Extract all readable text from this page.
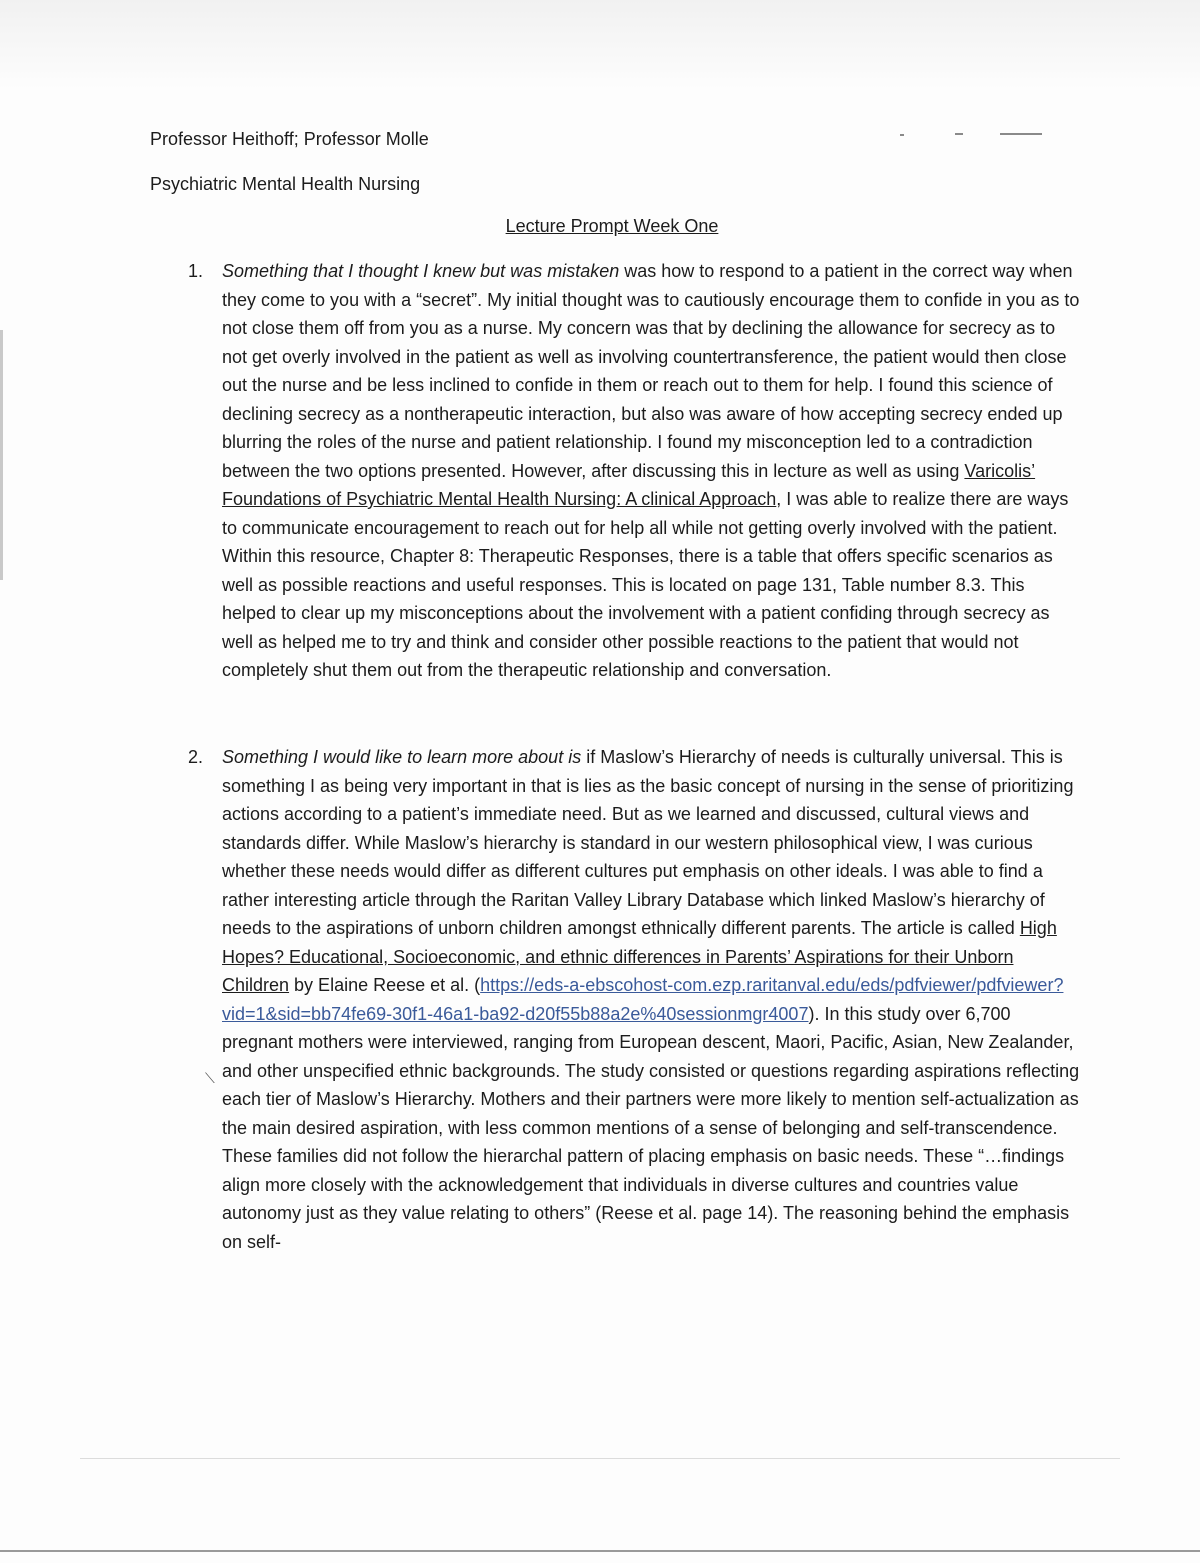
Professor Heithoff; Professor Molle
Psychiatric Mental Health Nursing
Lecture Prompt Week One
1. Something that I thought I knew but was mistaken was how to respond to a patient in the correct way when they come to you with a “secret”. My initial thought was to cautiously encourage them to confide in you as to not close them off from you as a nurse. My concern was that by declining the allowance for secrecy as to not get overly involved in the patient as well as involving countertransference, the patient would then close out the nurse and be less inclined to confide in them or reach out to them for help. I found this science of declining secrecy as a nontherapeutic interaction, but also was aware of how accepting secrecy ended up blurring the roles of the nurse and patient relationship. I found my misconception led to a contradiction between the two options presented. However, after discussing this in lecture as well as using Varicolis’ Foundations of Psychiatric Mental Health Nursing: A clinical Approach, I was able to realize there are ways to communicate encouragement to reach out for help all while not getting overly involved with the patient. Within this resource, Chapter 8: Therapeutic Responses, there is a table that offers specific scenarios as well as possible reactions and useful responses. This is located on page 131, Table number 8.3. This helped to clear up my misconceptions about the involvement with a patient confiding through secrecy as well as helped me to try and think and consider other possible reactions to the patient that would not completely shut them out from the therapeutic relationship and conversation.

2. Something I would like to learn more about is if Maslow’s Hierarchy of needs is culturally universal. This is something I as being very important in that is lies as the basic concept of nursing in the sense of prioritizing actions according to a patient’s immediate need. But as we learned and discussed, cultural views and standards differ. While Maslow’s hierarchy is standard in our western philosophical view, I was curious whether these needs would differ as different cultures put emphasis on other ideals. I was able to find a rather interesting article through the Raritan Valley Library Database which linked Maslow’s hierarchy of needs to the aspirations of unborn children amongst ethnically different parents. The article is called High Hopes? Educational, Socioeconomic, and ethnic differences in Parents’ Aspirations for their Unborn Children by Elaine Reese et al. (https://eds-a-ebscohost-com.ezp.raritanval.edu/eds/pdfviewer/pdfviewer?vid=1&sid=bb74fe69-30f1-46a1-ba92-d20f55b88a2e%40sessionmgr4007). In this study over 6,700 pregnant mothers were interviewed, ranging from European descent, Maori, Pacific, Asian, New Zealander, and other unspecified ethnic backgrounds. The study consisted or questions regarding aspirations reflecting each tier of Maslow’s Hierarchy. Mothers and their partners were more likely to mention self-actualization as the main desired aspiration, with less common mentions of a sense of belonging and self-transcendence. These families did not follow the hierarchal pattern of placing emphasis on basic needs. These “…findings align more closely with the acknowledgement that individuals in diverse cultures and countries value autonomy just as they value relating to others” (Reese et al. page 14). The reasoning behind the emphasis on self-

⟍
